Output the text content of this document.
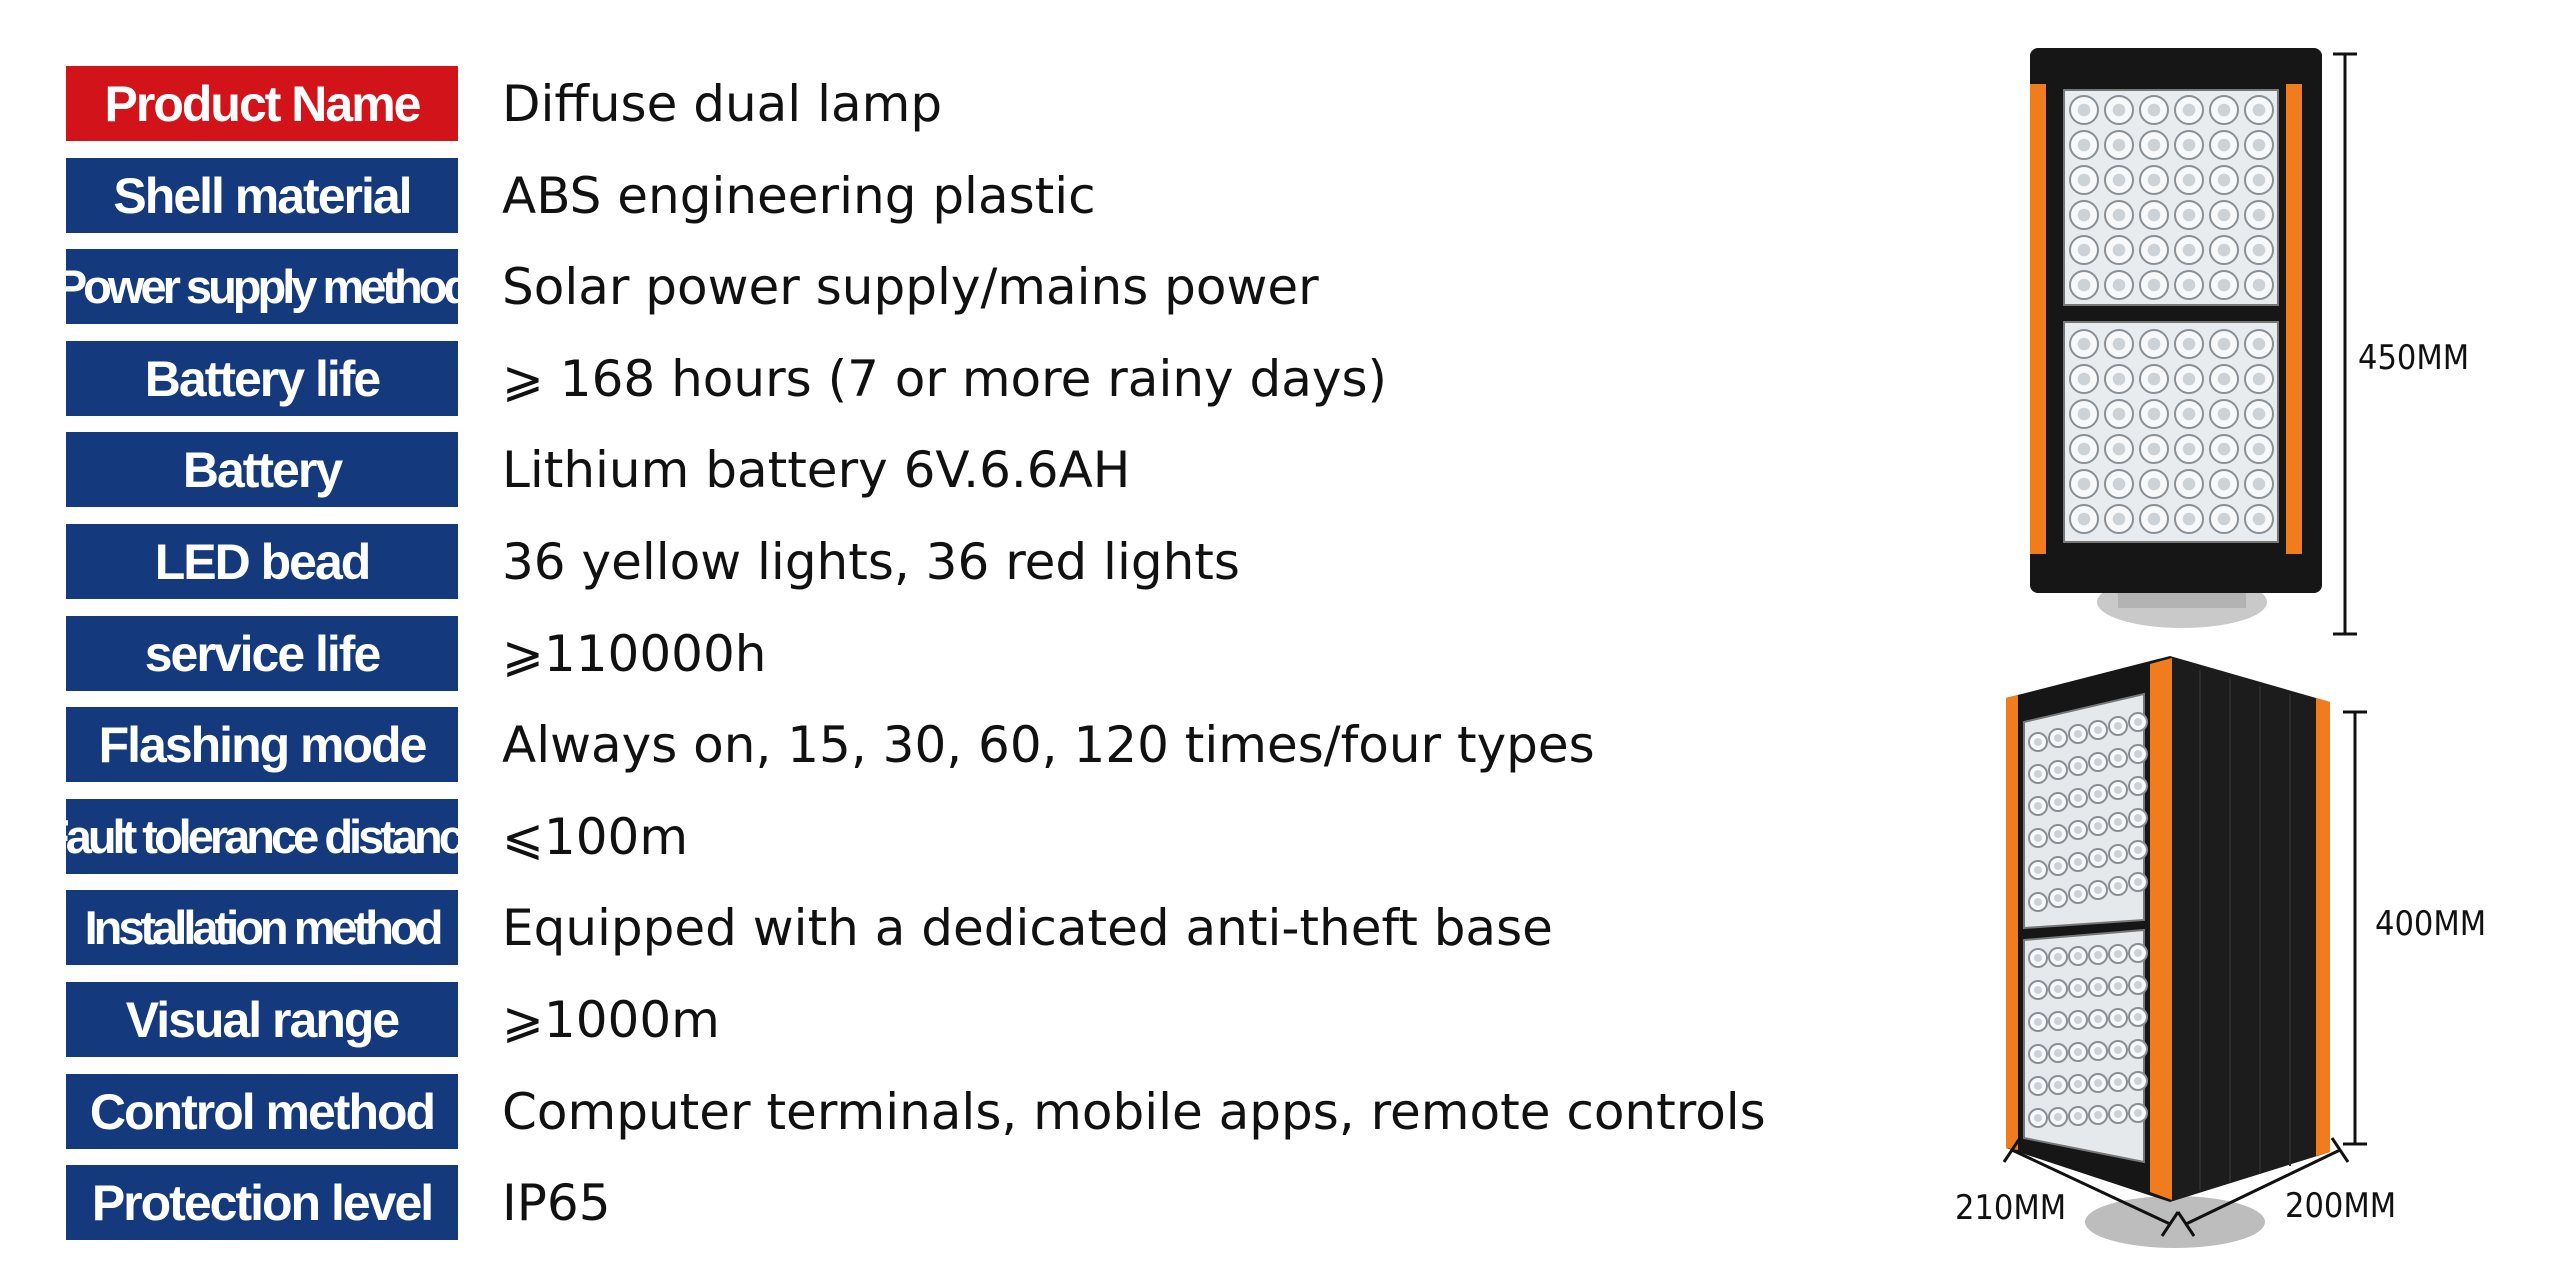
Product Name	Diffuse dual lamp
Shell material	ABS engineering plastic
Power supply method Solar power supply/mains power
Battery life	⩾ 168 hours (7 or more rainy days)
Battery	Lithium battery 6V.6.6AH
LED bead	36 yellow lights, 36 red lights
service life	⩾110000h
Flashing mode	Always on, 15, 30, 60, 120 times/four types
Fault tolerance distance ⩽100m
Installation method	Equipped with a dedicated anti-theft base
Visual range	⩾1000m
Control method	Computer terminals, mobile apps, remote controls
Protection level	IP65
450MM
400MM
210MM	200MM
